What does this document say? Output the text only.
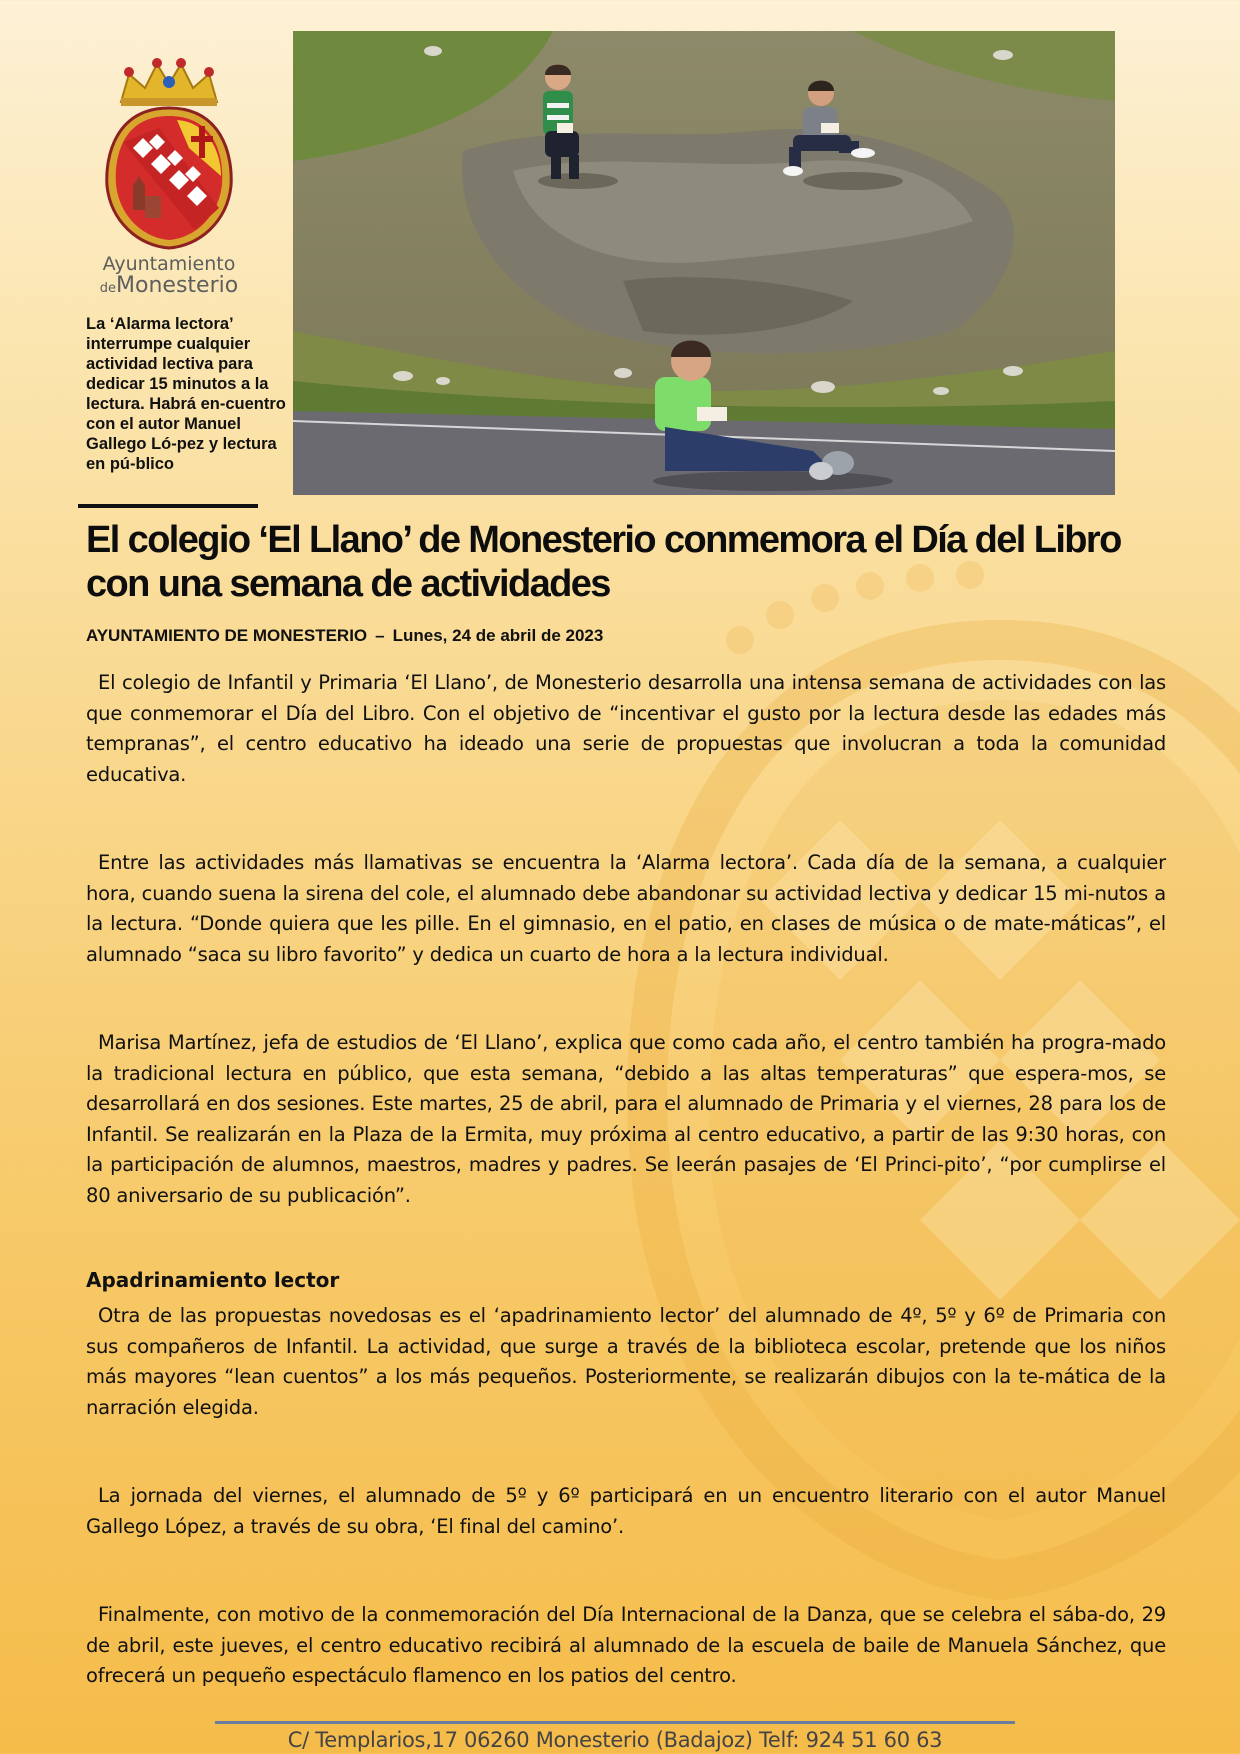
Ayuntamiento
deMonesterio
La ‘Alarma lectora’ interrumpe cualquier actividad lectiva para dedicar 15 minutos a la lectura. Habrá en-cuentro con el autor Manuel Gallego Ló-pez y lectura en pú-blico
El colegio ‘El Llano’ de Monesterio conmemora el Día del Libro con una semana de actividades
AYUNTAMIENTO DE MONESTERIO – Lunes, 24 de abril de 2023

El colegio de Infantil y Primaria ‘El Llano’, de Monesterio desarrolla una intensa semana de actividades con las que conmemorar el Día del Libro. Con el objetivo de “incentivar el gusto por la lectura desde las edades más tempranas”, el centro educativo ha ideado una serie de propuestas que involucran a toda la comunidad educativa.

Entre las actividades más llamativas se encuentra la ‘Alarma lectora’. Cada día de la semana, a cualquier hora, cuando suena la sirena del cole, el alumnado debe abandonar su actividad lectiva y dedicar 15 mi-nutos a la lectura. “Donde quiera que les pille. En el gimnasio, en el patio, en clases de música o de mate-máticas”, el alumnado “saca su libro favorito” y dedica un cuarto de hora a la lectura individual.

Marisa Martínez, jefa de estudios de ‘El Llano’, explica que como cada año, el centro también ha progra-mado la tradicional lectura en público, que esta semana, “debido a las altas temperaturas” que espera-mos, se desarrollará en dos sesiones. Este martes, 25 de abril, para el alumnado de Primaria y el viernes, 28 para los de Infantil. Se realizarán en la Plaza de la Ermita, muy próxima al centro educativo, a partir de las 9:30 horas, con la participación de alumnos, maestros, madres y padres. Se leerán pasajes de ‘El Princi-pito’, “por cumplirse el 80 aniversario de su publicación”.

Apadrinamiento lector

Otra de las propuestas novedosas es el ‘apadrinamiento lector’ del alumnado de 4º, 5º y 6º de Primaria con sus compañeros de Infantil. La actividad, que surge a través de la biblioteca escolar, pretende que los niños más mayores “lean cuentos” a los más pequeños. Posteriormente, se realizarán dibujos con la te-mática de la narración elegida.

La jornada del viernes, el alumnado de 5º y 6º participará en un encuentro literario con el autor Manuel Gallego López, a través de su obra, ‘El final del camino’.

Finalmente, con motivo de la conmemoración del Día Internacional de la Danza, que se celebra el sába-do, 29 de abril, este jueves, el centro educativo recibirá al alumnado de la escuela de baile de Manuela Sánchez, que ofrecerá un pequeño espectáculo flamenco en los patios del centro.

C/ Templarios,17 06260 Monesterio (Badajoz) Telf: 924 51 60 63
